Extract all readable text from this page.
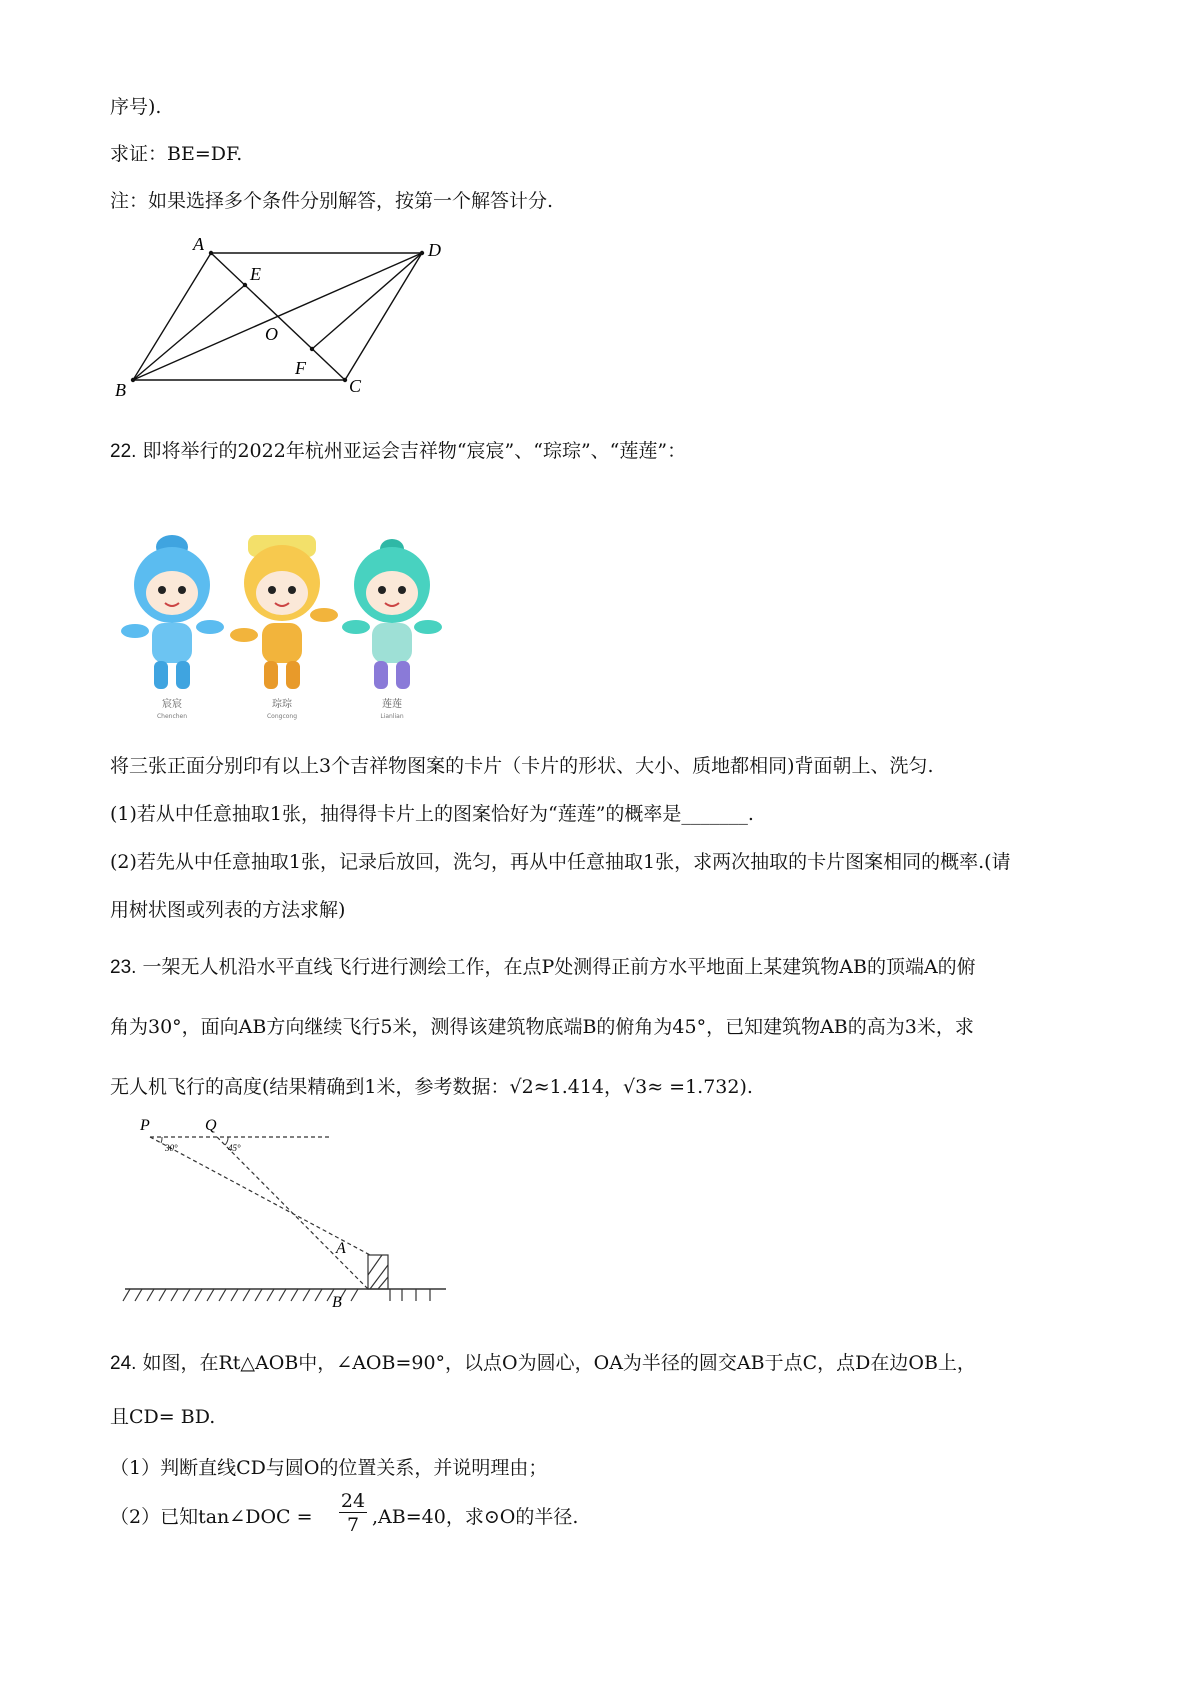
序号).
求证：BE=DF.
注：如果选择多个条件分别解答，按第一个解答计分.
A	D
E
O
F
B	C
22. 即将举行的2022年杭州亚运会吉祥物“宸宸”、“琮琮”、“莲莲”：
宸宸
Chenchen
琮琮
Congcong
莲莲
Lianlian
将三张正面分别印有以上3个吉祥物图案的卡片（卡片的形状、大小、质地都相同)背面朝上、洗匀.
(1)若从中任意抽取1张，抽得得卡片上的图案恰好为“莲莲”的概率是_______.
(2)若先从中任意抽取1张，记录后放回，洗匀，再从中任意抽取1张，求两次抽取的卡片图案相同的概率.(请
用树状图或列表的方法求解)
23. 一架无人机沿水平直线飞行进行测绘工作，在点P处测得正前方水平地面上某建筑物AB的顶端A的俯
角为30°，面向AB方向继续飞行5米，测得该建筑物底端B的俯角为45°，已知建筑物AB的高为3米，求
无人机飞行的高度(结果精确到1米，参考数据：√2≈1.414，√3≈ =1.732).
P	Q
30°	45°
A
B
24. 如图，在Rt△AOB中，∠AOB=90°，以点O为圆心，OA为半径的圆交AB于点C，点D在边OB上，
且CD= BD.
（1）判断直线CD与圆O的位置关系，并说明理由；
（2）已知tan∠DOC =
24
7 ,AB=40，求⊙O的半径.
